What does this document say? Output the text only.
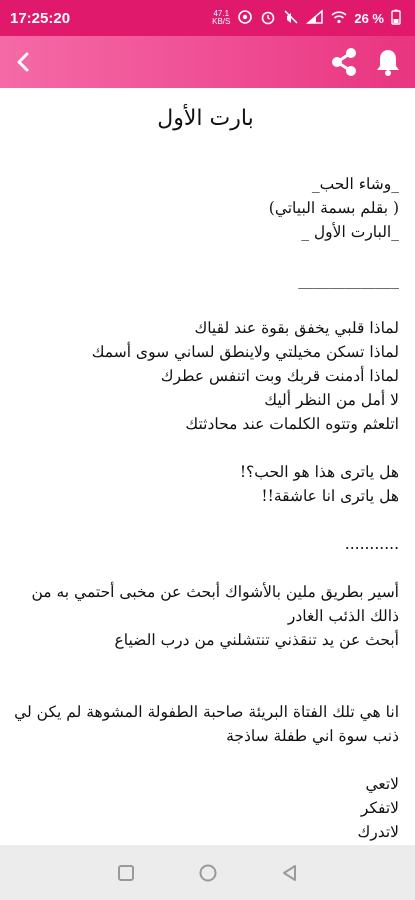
17:25:20	47.1
KB/S	26 %
بارت الأول
_وشاء الحب_
( بقلم بسمة البياتي)
_البارت الأول _

_____________

لماذا قلبي يخفق بقوة عند لقياك
لماذا تسكن مخيلتي ولاينطق لساني سوى أسمك
لماذا أدمنت قربك وبت اتنفس عطرك
لا أمل من النظر أليك
اتلعثم وتتوه الكلمات عند محادثتك

هل ياترى هذا هو الحب؟!
هل ياترى انا عاشقة!!

...........

أسير بطريق ملين بالأشواك أبحث عن مخبى أحتمي به من ذالك الذئب الغادر
أبحث عن يد تنقذني تنتشلني من درب الضياع

انا هي تلك الفتاة البريئة صاحبة الطفولة المشوهة لم يكن لي ذنب سوة اني طفلة ساذجة

لاتعي
لاتفكر
لاتدرك
